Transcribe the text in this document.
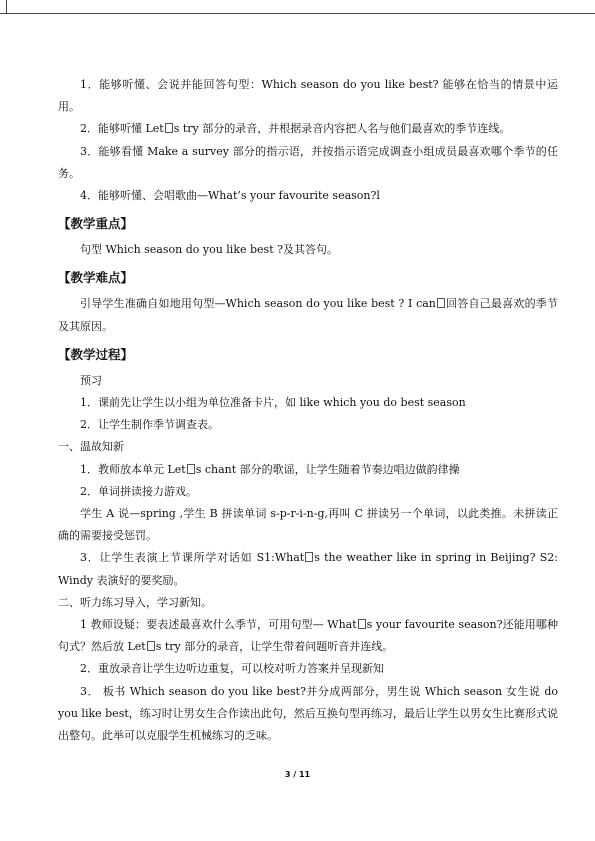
1．能够听懂、会说并能回答句型：Which season do you like best? 能够在恰当的情景中运用。

2．能够听懂 Let s try 部分的录音，并根据录音内容把人名与他们最喜欢的季节连线。

3．能够看懂 Make a survey 部分的指示语，并按指示语完成调查小组成员最喜欢哪个季节的任务。

4．能够听懂、会唱歌曲—What’s your favourite season?l

【教学重点】

句型 Which season do you like best ?及其答句。

【教学难点】

引导学生准确自如地用句型—Which season do you like best ? I can 回答自己最喜欢的季节及其原因。

【教学过程】

预习

1．课前先让学生以小组为单位准备卡片，如 like which you do best season

2．让学生制作季节调查表。

一、温故知新

1．教师放本单元 Let s chant 部分的歌谣，让学生随着节奏边唱边做韵律操

2．单词拼读接力游戏。

学生 A 说—spring ,学生 B 拼读单词 s-p-r-i-n-g,再叫 C 拼读另一个单词，以此类推。未拼读正确的需要接受惩罚。

3．让学生表演上节课所学对话如 S1:What s the weather like in spring in Beijing? S2: Windy 表演好的要奖励。

二、听力练习导入，学习新知。

1 教师设疑：要表述最喜欢什么季节，可用句型— What s your favourite season?还能用哪种句式？然后放 Let s try 部分的录音，让学生带着问题听音并连线。

2．重放录音让学生边听边重复，可以校对听力答案并呈现新知

3． 板书 Which season do you like best?并分成两部分，男生说 Which season 女生说 do you like best，练习时让男女生合作读出此句，然后互换句型再练习，最后让学生以男女生比赛形式说出整句。此举可以克服学生机械练习的乏味。

3 / 11
